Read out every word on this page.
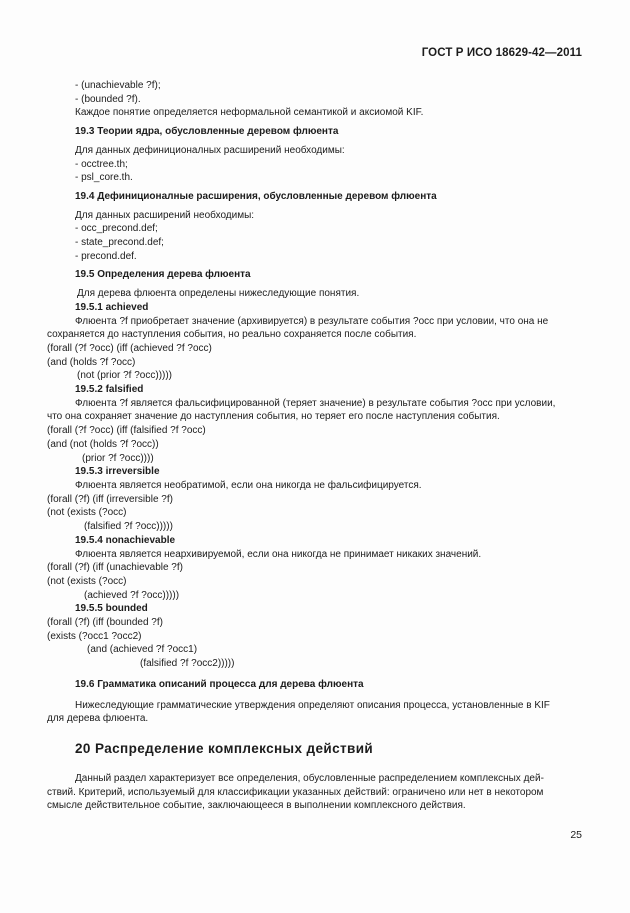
ГОСТ Р ИСО 18629-42—2011
- (unachievable ?f);
- (bounded ?f).
Каждое понятие определяется неформальной семантикой и аксиомой KIF.
19.3 Теории ядра, обусловленные деревом флюента
Для данных дефиниционалных расширений необходимы:
- occtree.th;
- psl_core.th.
19.4 Дефиниционалные расширения, обусловленные деревом флюента
Для данных расширений необходимы:
- occ_precond.def;
- state_precond.def;
- precond.def.
19.5 Определения дерева флюента
Для дерева флюента определены нижеследующие понятия.
19.5.1 achieved
Флюента ?f приобретает значение (архивируется) в результате события ?occ при условии, что она не
сохраняется до наступления события, но реально сохраняется после события.
(forall (?f ?occ) (iff (achieved ?f ?occ)
(and (holds ?f ?occ)
(not (prior ?f ?occ)))))
19.5.2 falsified
Флюента ?f является фальсифицированной (теряет значение) в результате события ?occ при условии,
что она сохраняет значение до наступления события, но теряет его после наступления события.
(forall (?f ?occ) (iff (falsified ?f ?occ)
(and (not (holds ?f ?occ))
(prior ?f ?occ))))
19.5.3 irreversible
Флюента является необратимой, если она никогда не фальсифицируется.
(forall (?f) (iff (irreversible ?f)
(not (exists (?occ)
(falsified ?f ?occ)))))
19.5.4 nonachievable
Флюента является неархивируемой, если она никогда не принимает никаких значений.
(forall (?f) (iff (unachievable ?f)
(not (exists (?occ)
(achieved ?f ?occ)))))
19.5.5 bounded
(forall (?f) (iff (bounded ?f)
(exists (?occ1 ?occ2)
(and (achieved ?f ?occ1)
(falsified ?f ?occ2)))))
19.6 Грамматика описаний процесса для дерева флюента
Нижеследующие грамматические утверждения определяют описания процесса, установленные в KIF
для дерева флюента.
20 Распределение комплексных действий
Данный раздел характеризует все определения, обусловленные распределением комплексных дей-
ствий. Критерий, используемый для классификации указанных действий: ограничено или нет в некотором
смысле действительное событие, заключающееся в выполнении комплексного действия.
25
